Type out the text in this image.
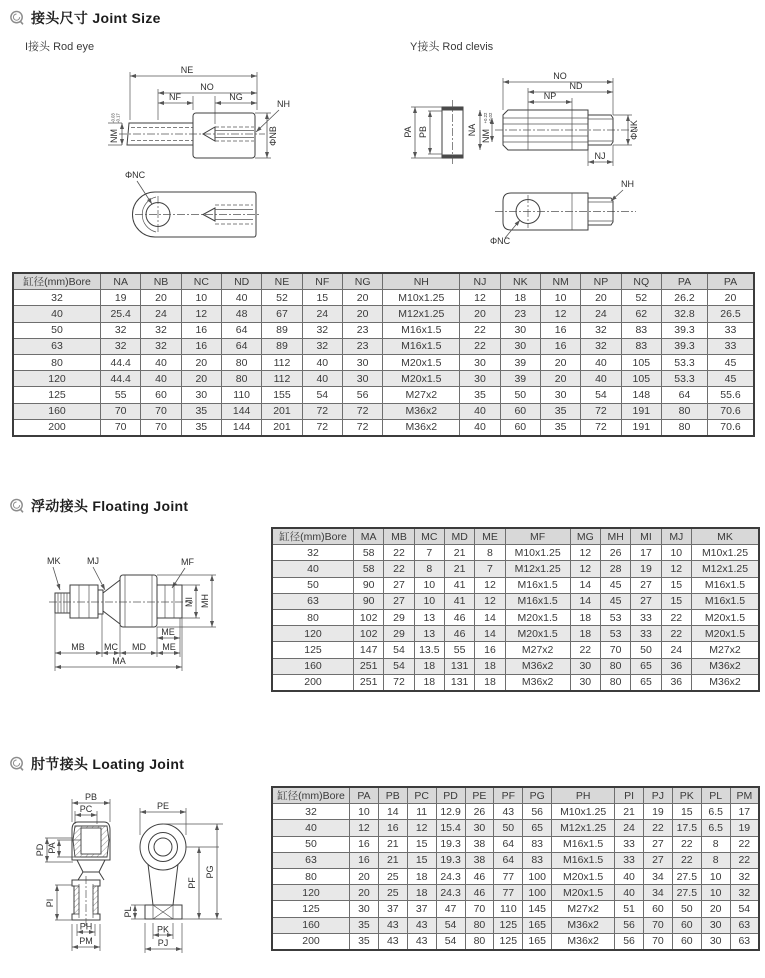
接头尺寸 Joint Size
I接头 Rod eye	Y接头 Rod clevis
NE
NO
NF	NG
NH
NM
-0.03 -0.17
ΦNB
ΦNC
PA PB
NO
ND
NP
NA NM
+0.22 +0.02
ΦNK
NJ
NH
ΦNC
缸径(mm)Bore	NA	NB	NC	ND	NE	NF	NG	NH	NJ	NK	NM	NP	NQ	PA	PA
32	19	20	10	40	52	15	20	M10x1.25	12	18	10	20	52	26.2	20
40	25.4	24	12	48	67	24	20	M12x1.25	20	23	12	24	62	32.8	26.5
50	32	32	16	64	89	32	23	M16x1.5	22	30	16	32	83	39.3	33
63	32	32	16	64	89	32	23	M16x1.5	22	30	16	32	83	39.3	33
80	44.4	40	20	80	112	40	30	M20x1.5	30	39	20	40	105	53.3	45
120	44.4	40	20	80	112	40	30	M20x1.5	30	39	20	40	105	53.3	45
125	55	60	30	110	155	54	56	M27x2	35	50	30	54	148	64	55.6
160	70	70	35	144	201	72	72	M36x2	40	60	35	72	191	80	70.6
200	70	70	35	144	201	72	72	M36x2	40	60	35	72	191	80	70.6
浮动接头 Floating Joint
MK	MJ	MF
MI MH
ME
MB MC MD ME
MA
缸径(mm)Bore	MA	MB	MC	MD	ME	MF	MG	MH	MI	MJ	MK
32	58	22	7	21	8	M10x1.25	12	26	17	10	M10x1.25
40	58	22	8	21	7	M12x1.25	12	28	19	12	M12x1.25
50	90	27	10	41	12	M16x1.5	14	45	27	15	M16x1.5
63	90	27	10	41	12	M16x1.5	14	45	27	15	M16x1.5
80	102	29	13	46	14	M20x1.5	18	53	33	22	M20x1.5
120	102	29	13	46	14	M20x1.5	18	53	33	22	M20x1.5
125	147	54	13.5	55	16	M27x2	22	70	50	24	M27x2
160	251	54	18	131	18	M36x2	30	80	65	36	M36x2
200	251	72	18	131	18	M36x2	30	80	65	36	M36x2
肘节接头 Loating Joint
PB
PC
PD PA
PI
PH
PM
PE
PL
PF
PG
PK
PJ
缸径(mm)Bore	PA	PB	PC	PD	PE	PF	PG	PH	PI	PJ	PK	PL	PM
32	10	14	11	12.9	26	43	56	M10x1.25	21	19	15	6.5	17
40	12	16	12	15.4	30	50	65	M12x1.25	24	22	17.5	6.5	19
50	16	21	15	19.3	38	64	83	M16x1.5	33	27	22	8	22
63	16	21	15	19.3	38	64	83	M16x1.5	33	27	22	8	22
80	20	25	18	24.3	46	77	100	M20x1.5	40	34	27.5	10	32
120	20	25	18	24.3	46	77	100	M20x1.5	40	34	27.5	10	32
125	30	37	37	47	70	110	145	M27x2	51	60	50	20	54
160	35	43	43	54	80	125	165	M36x2	56	70	60	30	63
200	35	43	43	54	80	125	165	M36x2	56	70	60	30	63
